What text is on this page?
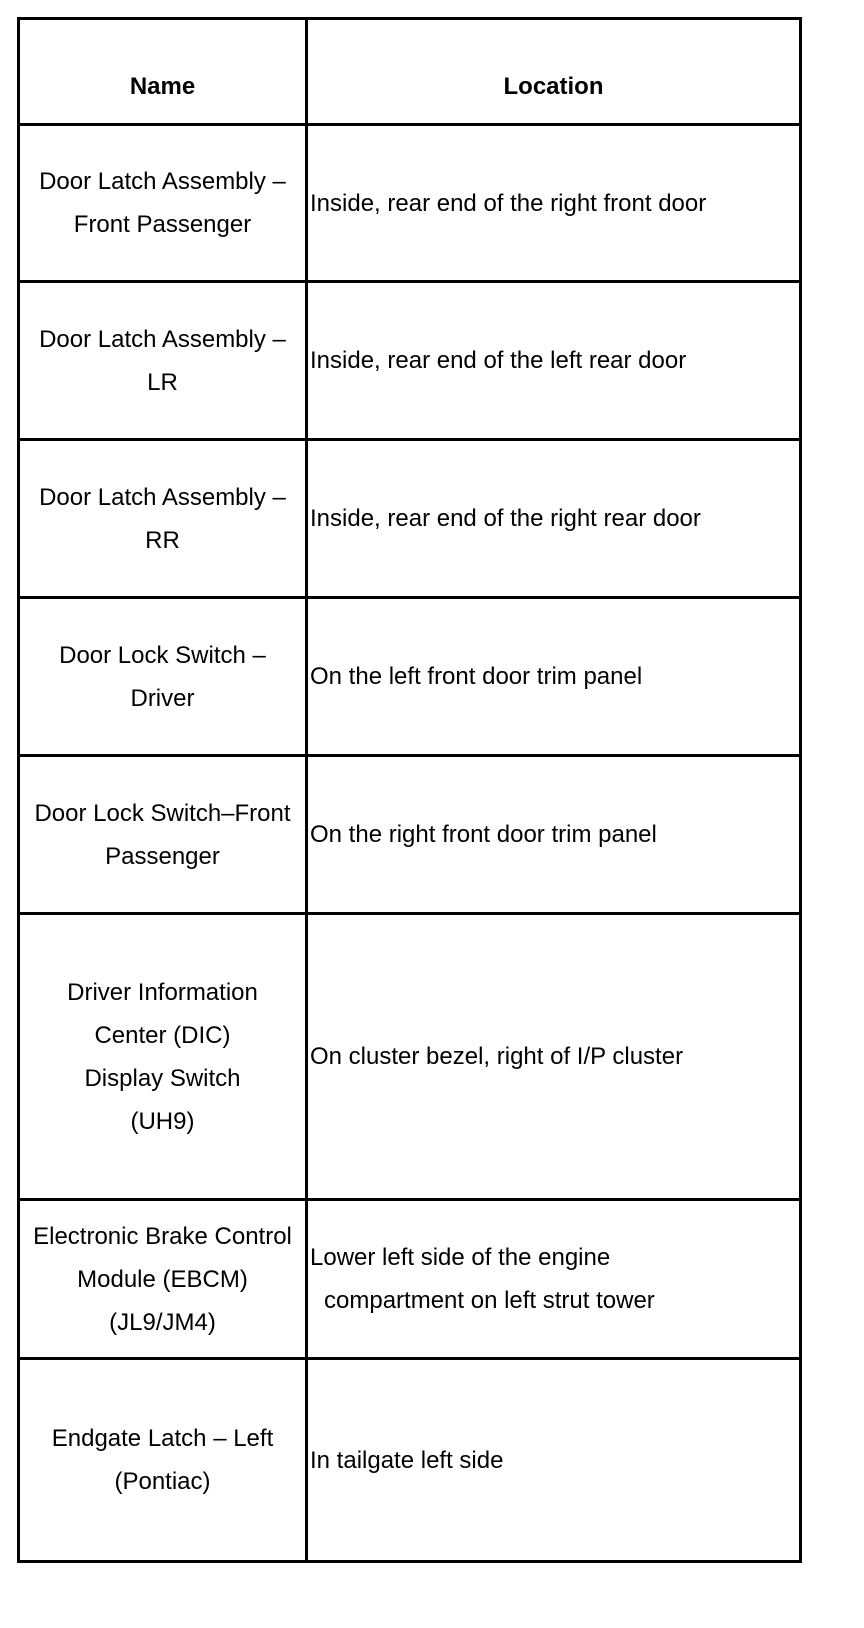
Name	Location
Door Latch Assembly –
Front Passenger
Inside, rear end of the right front door
Door Latch Assembly –
LR
Inside, rear end of the left rear door
Door Latch Assembly –
RR
Inside, rear end of the right rear door
Door Lock Switch –
Driver
On the left front door trim panel
Door Lock Switch–Front
Passenger
On the right front door trim panel
Driver Information
Center (DIC)
Display Switch
(UH9)
On cluster bezel, right of I/P cluster
Electronic Brake Control
Module (EBCM)
(JL9/JM4)
Lower left side of the engine
compartment on left strut tower
Endgate Latch – Left
(Pontiac)
In tailgate left side
